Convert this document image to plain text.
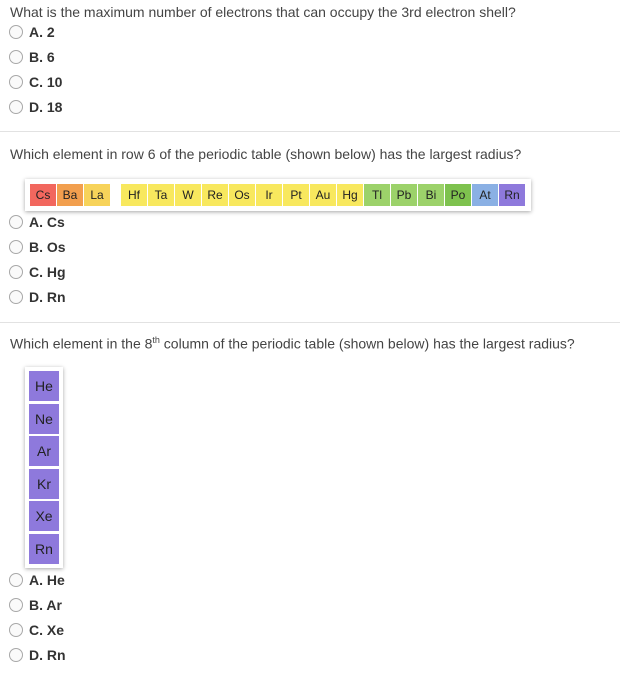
What is the maximum number of electrons that can occupy the 3rd electron shell?
A. 2
B. 6
C. 10
D. 18
Which element in row 6 of the periodic table (shown below) has the largest radius?
Cs	Ba	La	Hf	Ta	W	Re Os	Ir	Pt	Au Hg	Tl	Pb	Bi	Po	At	Rn
A. Cs
B. Os
C. Hg
D. Rn
Which element in the 8th column of the periodic table (shown below) has the largest radius?
He
Ne
Ar
Kr
Xe
Rn
A. He
B. Ar
C. Xe
D. Rn
